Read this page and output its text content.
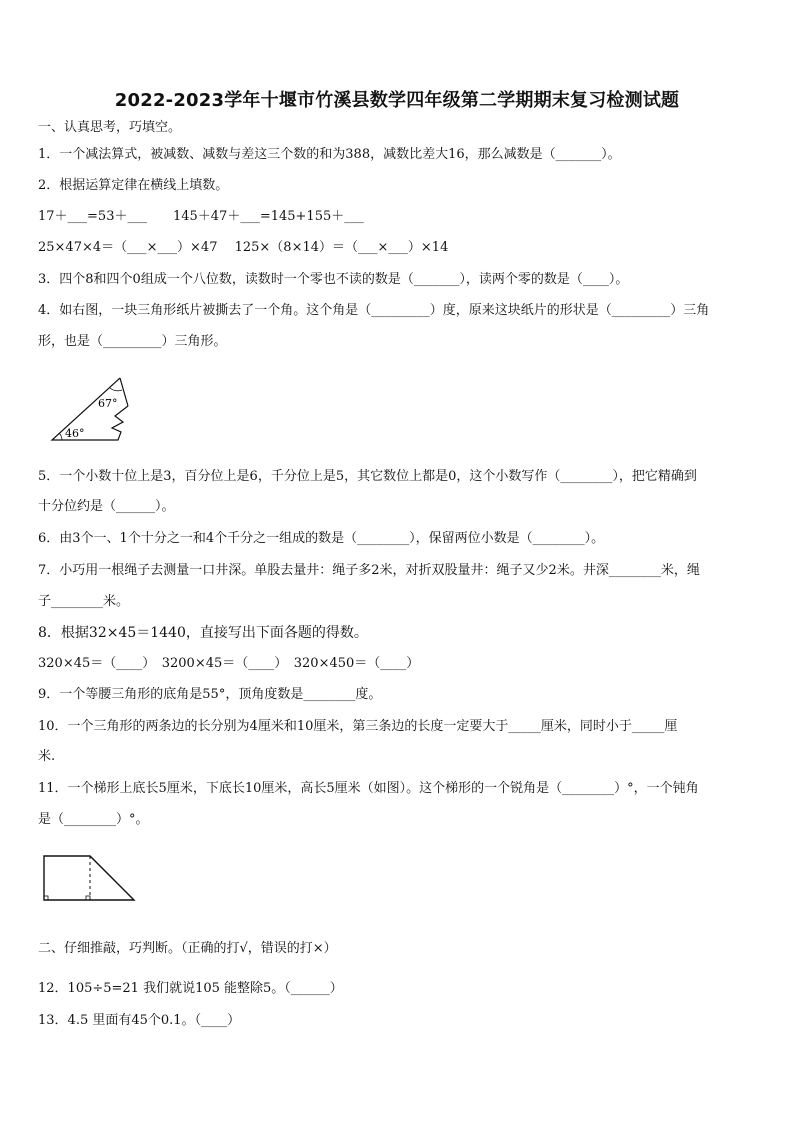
2022-2023学年十堰市竹溪县数学四年级第二学期期末复习检测试题
一、认真思考，巧填空。
1．一个减法算式，被减数、减数与差这三个数的和为388，减数比差大16，那么减数是（_______）。
2．根据运算定律在横线上填数。
17＋___=53＋___　　145＋47＋___=145+155＋___
25×47×4＝（___×___）×47　 125×（8×14）＝（___×___）×14
3．四个8和四个0组成一个八位数，读数时一个零也不读的数是（_______），读两个零的数是（____）。
4．如右图，一块三角形纸片被撕去了一个角。这个角是（_________）度，原来这块纸片的形状是（_________）三角
形，也是（_________）三角形。
67°
46°
5．一个小数十位上是3，百分位上是6，千分位上是5，其它数位上都是0，这个小数写作（________），把它精确到
十分位约是（______）。
6．由3个一、1个十分之一和4个千分之一组成的数是（________），保留两位小数是（________）。
7．小巧用一根绳子去测量一口井深。单股去量井：绳子多2米，对折双股量井：绳子又少2米。井深________米，绳
子________米。
8．根据32×45＝1440，直接写出下面各题的得数。
320×45＝（____）　3200×45＝（____）　320×450＝（____）
9．一个等腰三角形的底角是55°，顶角度数是________度。
10．一个三角形的两条边的长分别为4厘米和10厘米，第三条边的长度一定要大于_____厘米，同时小于_____厘
米.
11．一个梯形上底长5厘米，下底长10厘米，高长5厘米（如图）。这个梯形的一个锐角是（________）°，一个钝角
是（________）°。
二、仔细推敲，巧判断。（正确的打√，错误的打×）
12．105÷5=21 我们就说105 能整除5。（______）
13．4.5 里面有45个0.1。（____）
